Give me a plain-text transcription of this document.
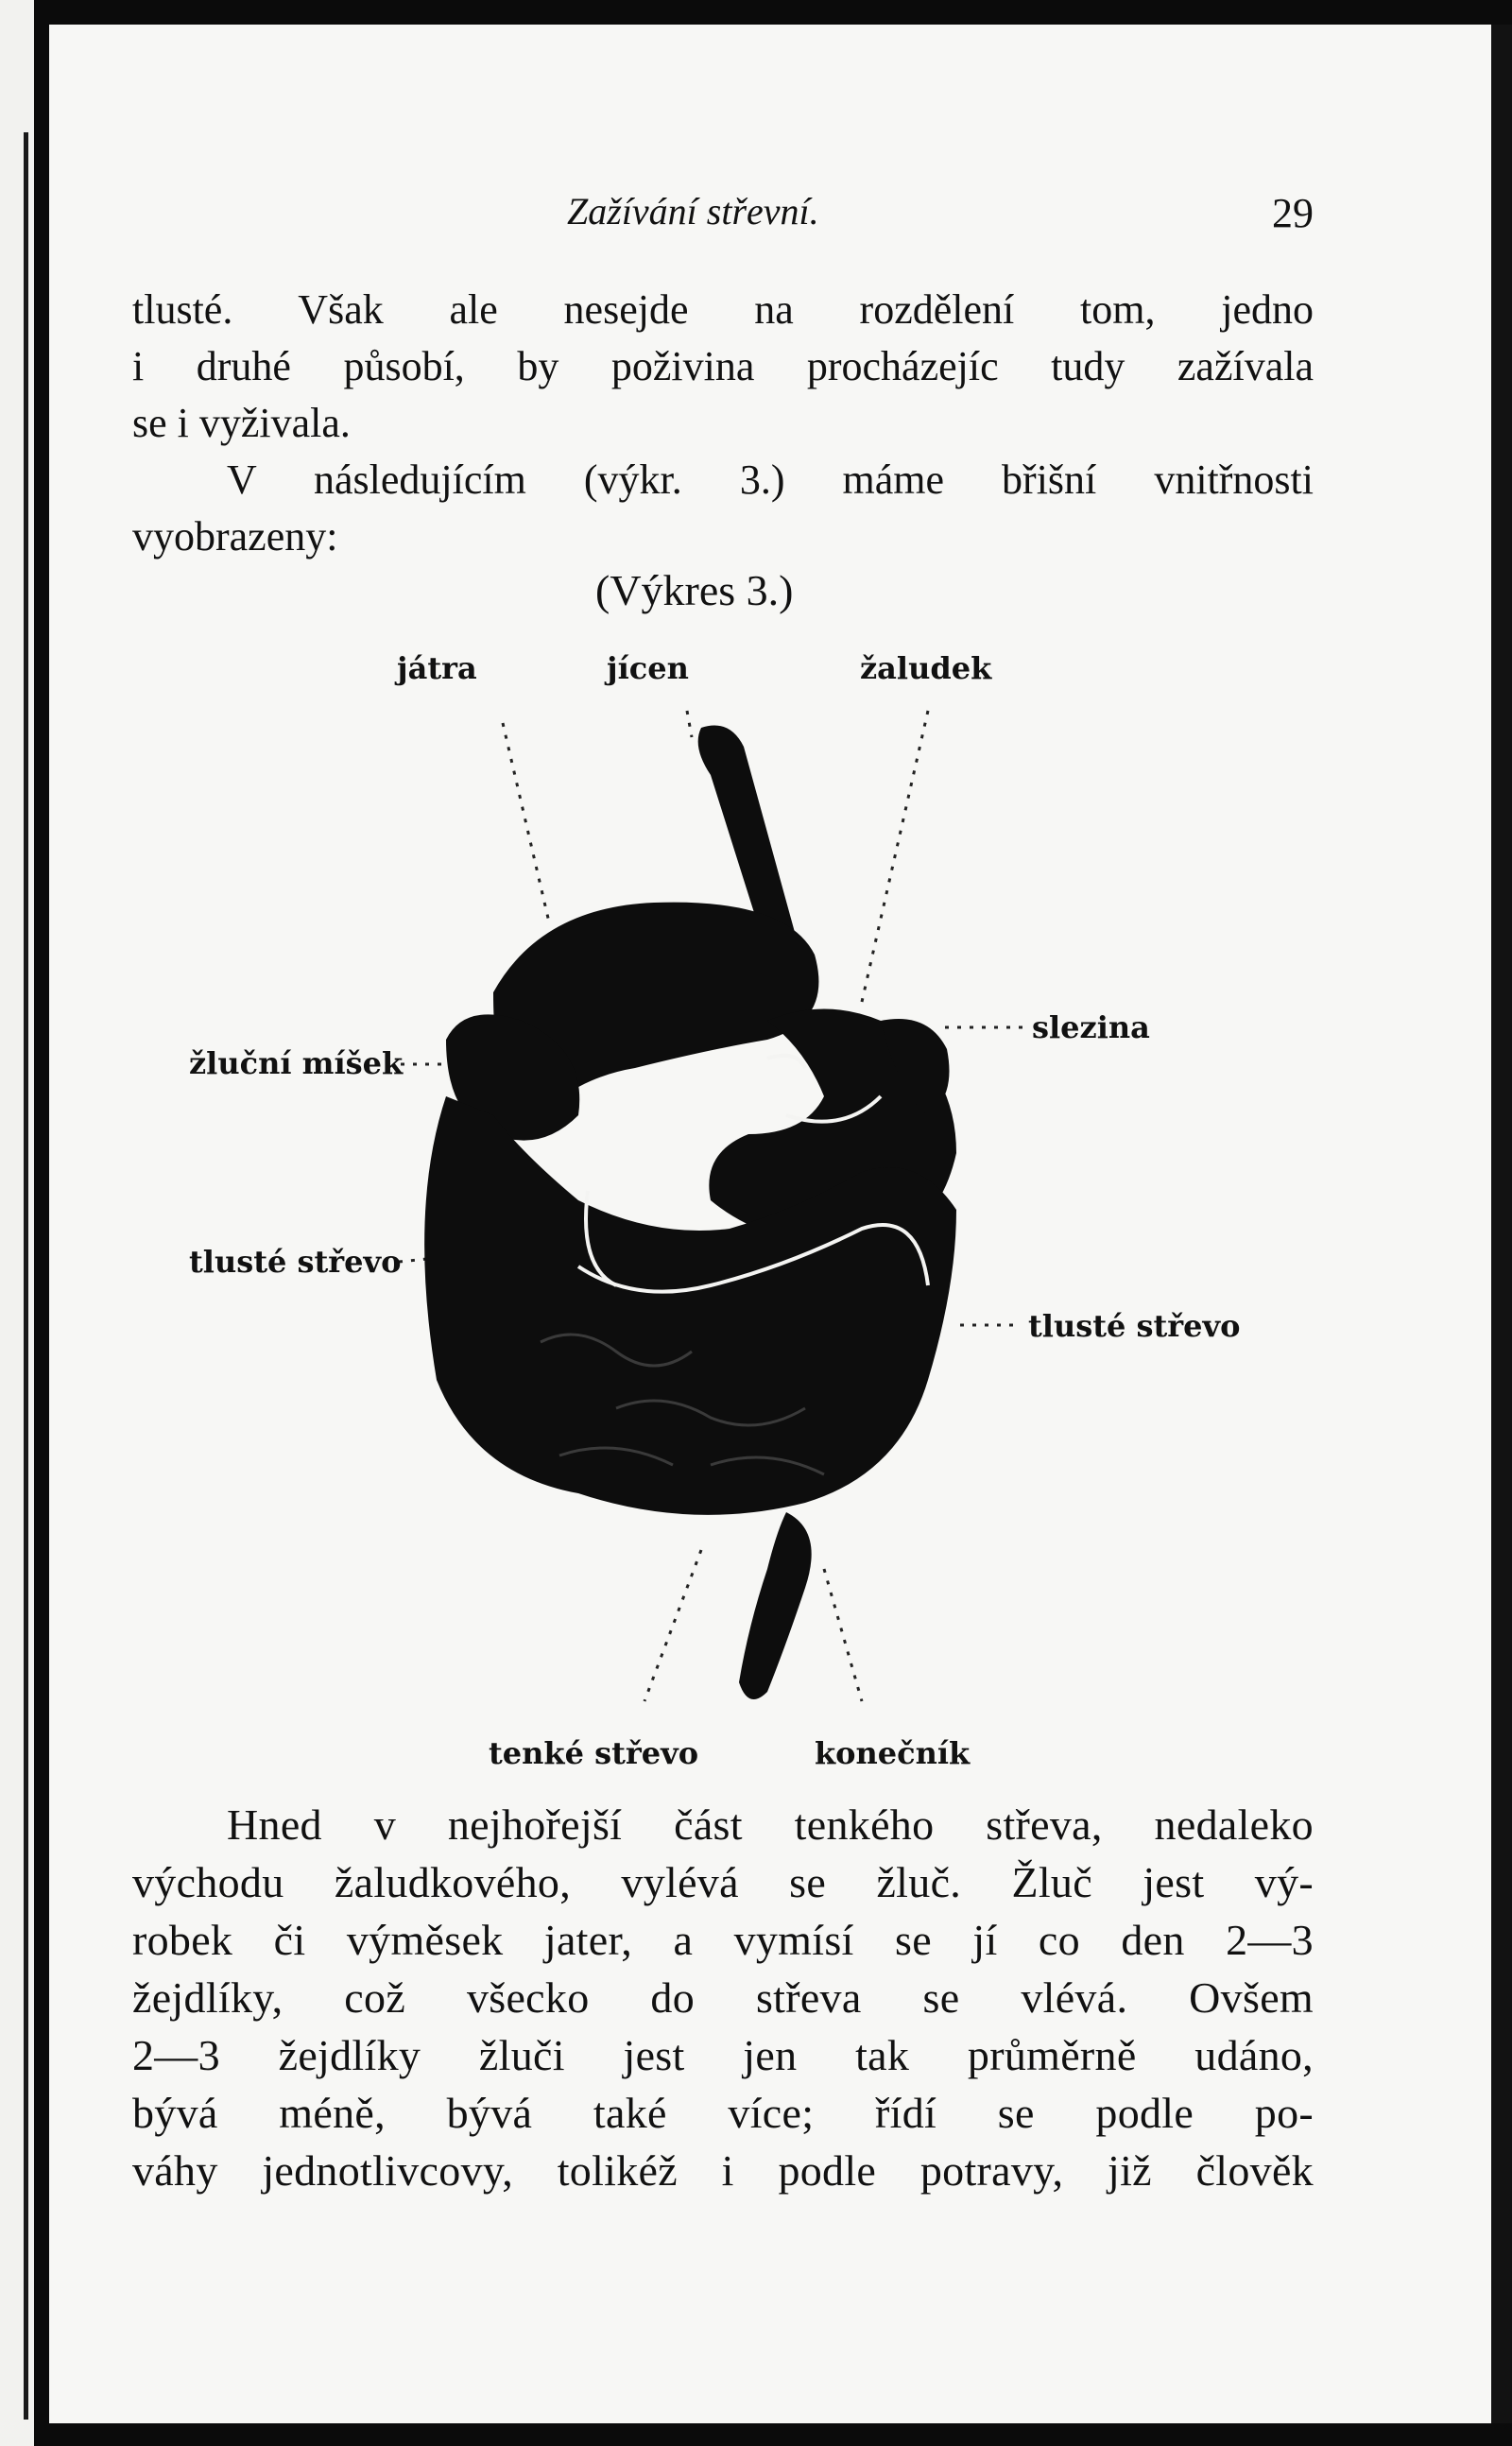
Zažívání střevní.	29
tlusté. Však ale nesejde na rozdělení tom, jedno
i druhé působí, by poživina procházejíc tudy zažívala
se i vyživala.
V následujícím (výkr. 3.) máme břišní vnitřnosti
vyobrazeny:
(Výkres 3.)
játra	jícen	žaludek
slezina
žluční míšek
tlusté střevo
tlusté střevo
tenké střevo	konečník
Hned v nejhořejší část tenkého střeva, nedaleko
východu žaludkového, vylévá se žluč. Žluč jest vý-
robek či výměsek jater, a vymísí se jí co den 2—3
žejdlíky, což všecko do střeva se vlévá. Ovšem
2—3 žejdlíky žluči jest jen tak průměrně udáno,
bývá méně, bývá také více; řídí se podle po-
váhy jednotlivcovy, tolikéž i podle potravy, již člověk
